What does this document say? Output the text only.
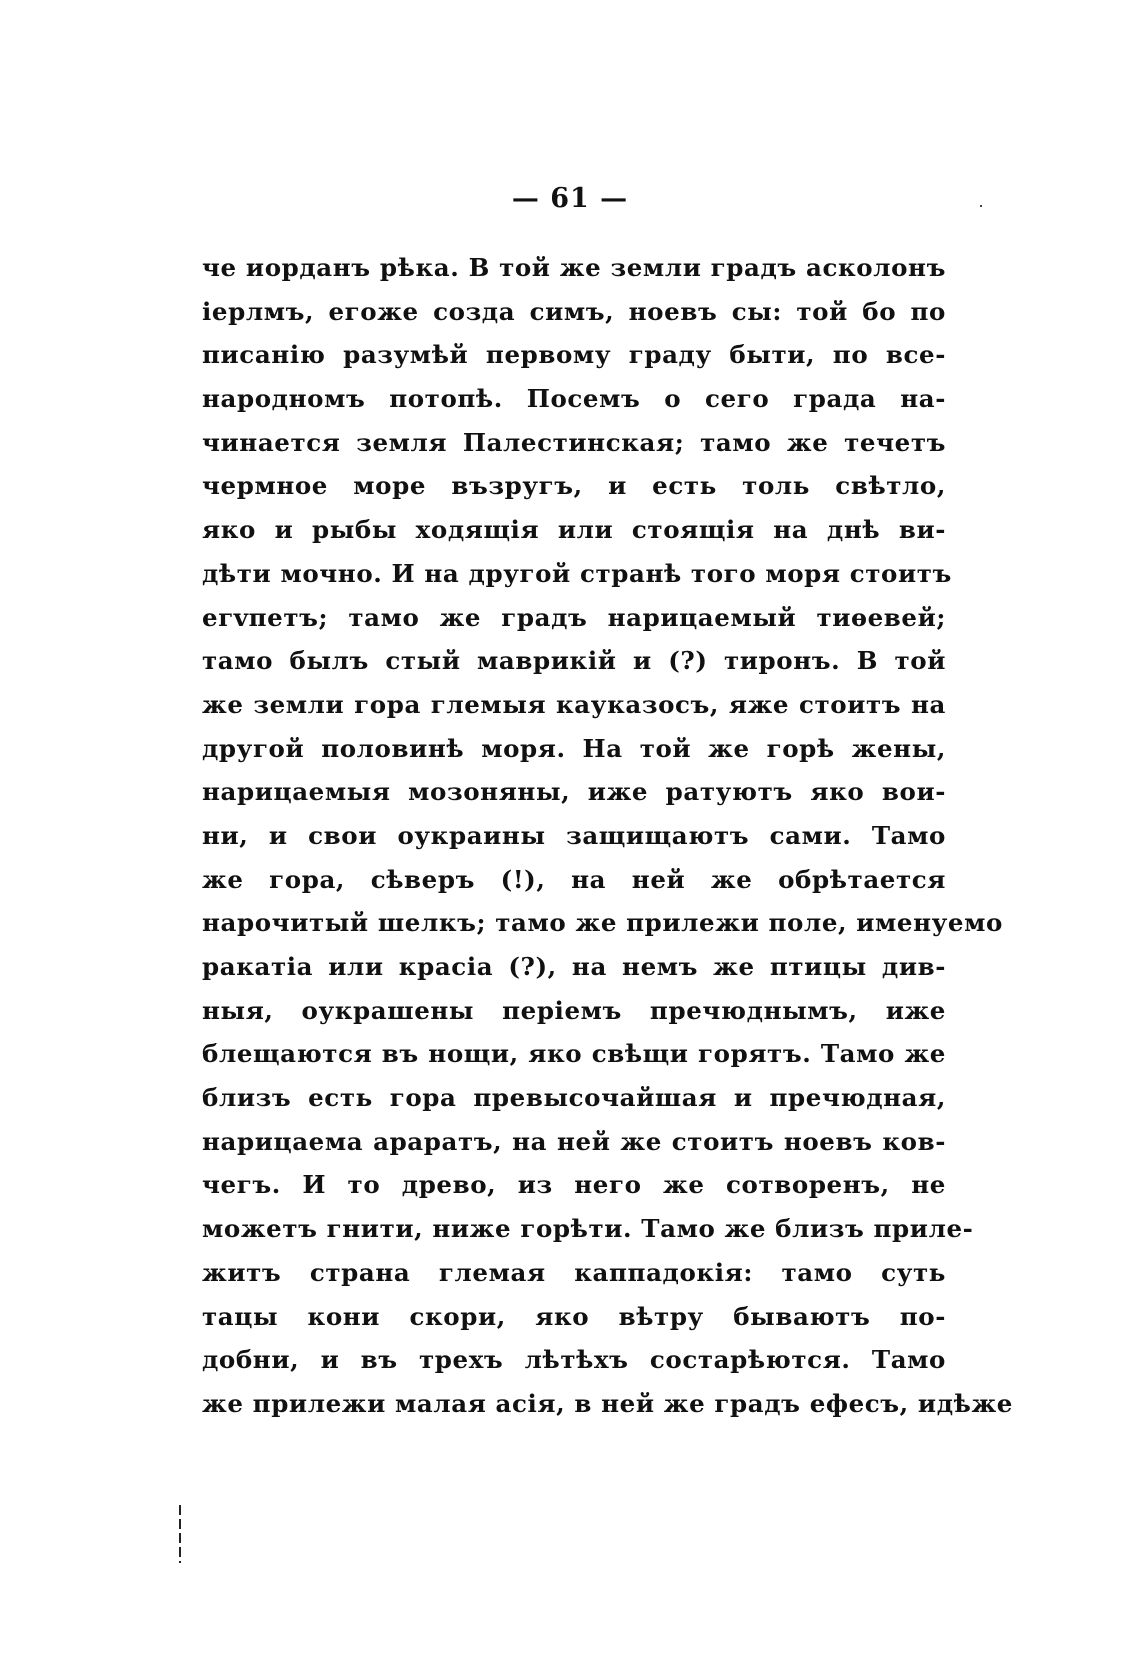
— 61 —
че иорданъ рѣка. В той же земли градъ асколонъ
iерлмъ, егоже созда симъ, ноевъ сы: той бо по
писанiю разумѣй первому граду быти, по все-
народномъ потопѣ. Посемъ о сего града на-
чинается земля Палестинская; тамо же течетъ
чермное море възругъ, и есть толь свѣтло,
яко и рыбы ходящiя или стоящiя на днѣ ви-
дѣти мочно. И на другой странѣ того моря стоитъ
егvпетъ; тамо же градъ нарицаемый тиѳевей;
тамо былъ стый маврикiй и (?) тиронъ. В той
же земли гора глемыя кауказосъ, яже стоитъ на
другой половинѣ моря. На той же горѣ жены,
нарицаемыя мозоняны, иже ратуютъ яко вои-
ни, и свои оукраины защищаютъ сами. Тамо
же гора, сѣверъ (!), на ней же обрѣтается
нарочитый шелкъ; тамо же прилежи поле, именуемо
ракатiа или красiа (?), на немъ же птицы див-
ныя, оукрашены перiемъ пречюднымъ, иже
блещаются въ нощи, яко свѣщи горятъ. Тамо же
близъ есть гора превысочайшая и пречюдная,
нарицаема араратъ, на ней же стоитъ ноевъ ков-
чегъ. И то древо, из него же сотворенъ, не
можетъ гнити, ниже горѣти. Тамо же близъ приле-
житъ страна глемая каппадокiя: тамо суть
тацы кони скори, яко вѣтру бываютъ по-
добни, и въ трехъ лѣтѣхъ состарѣются. Тамо
же прилежи малая асiя, в ней же градъ ефесъ, идѣже
